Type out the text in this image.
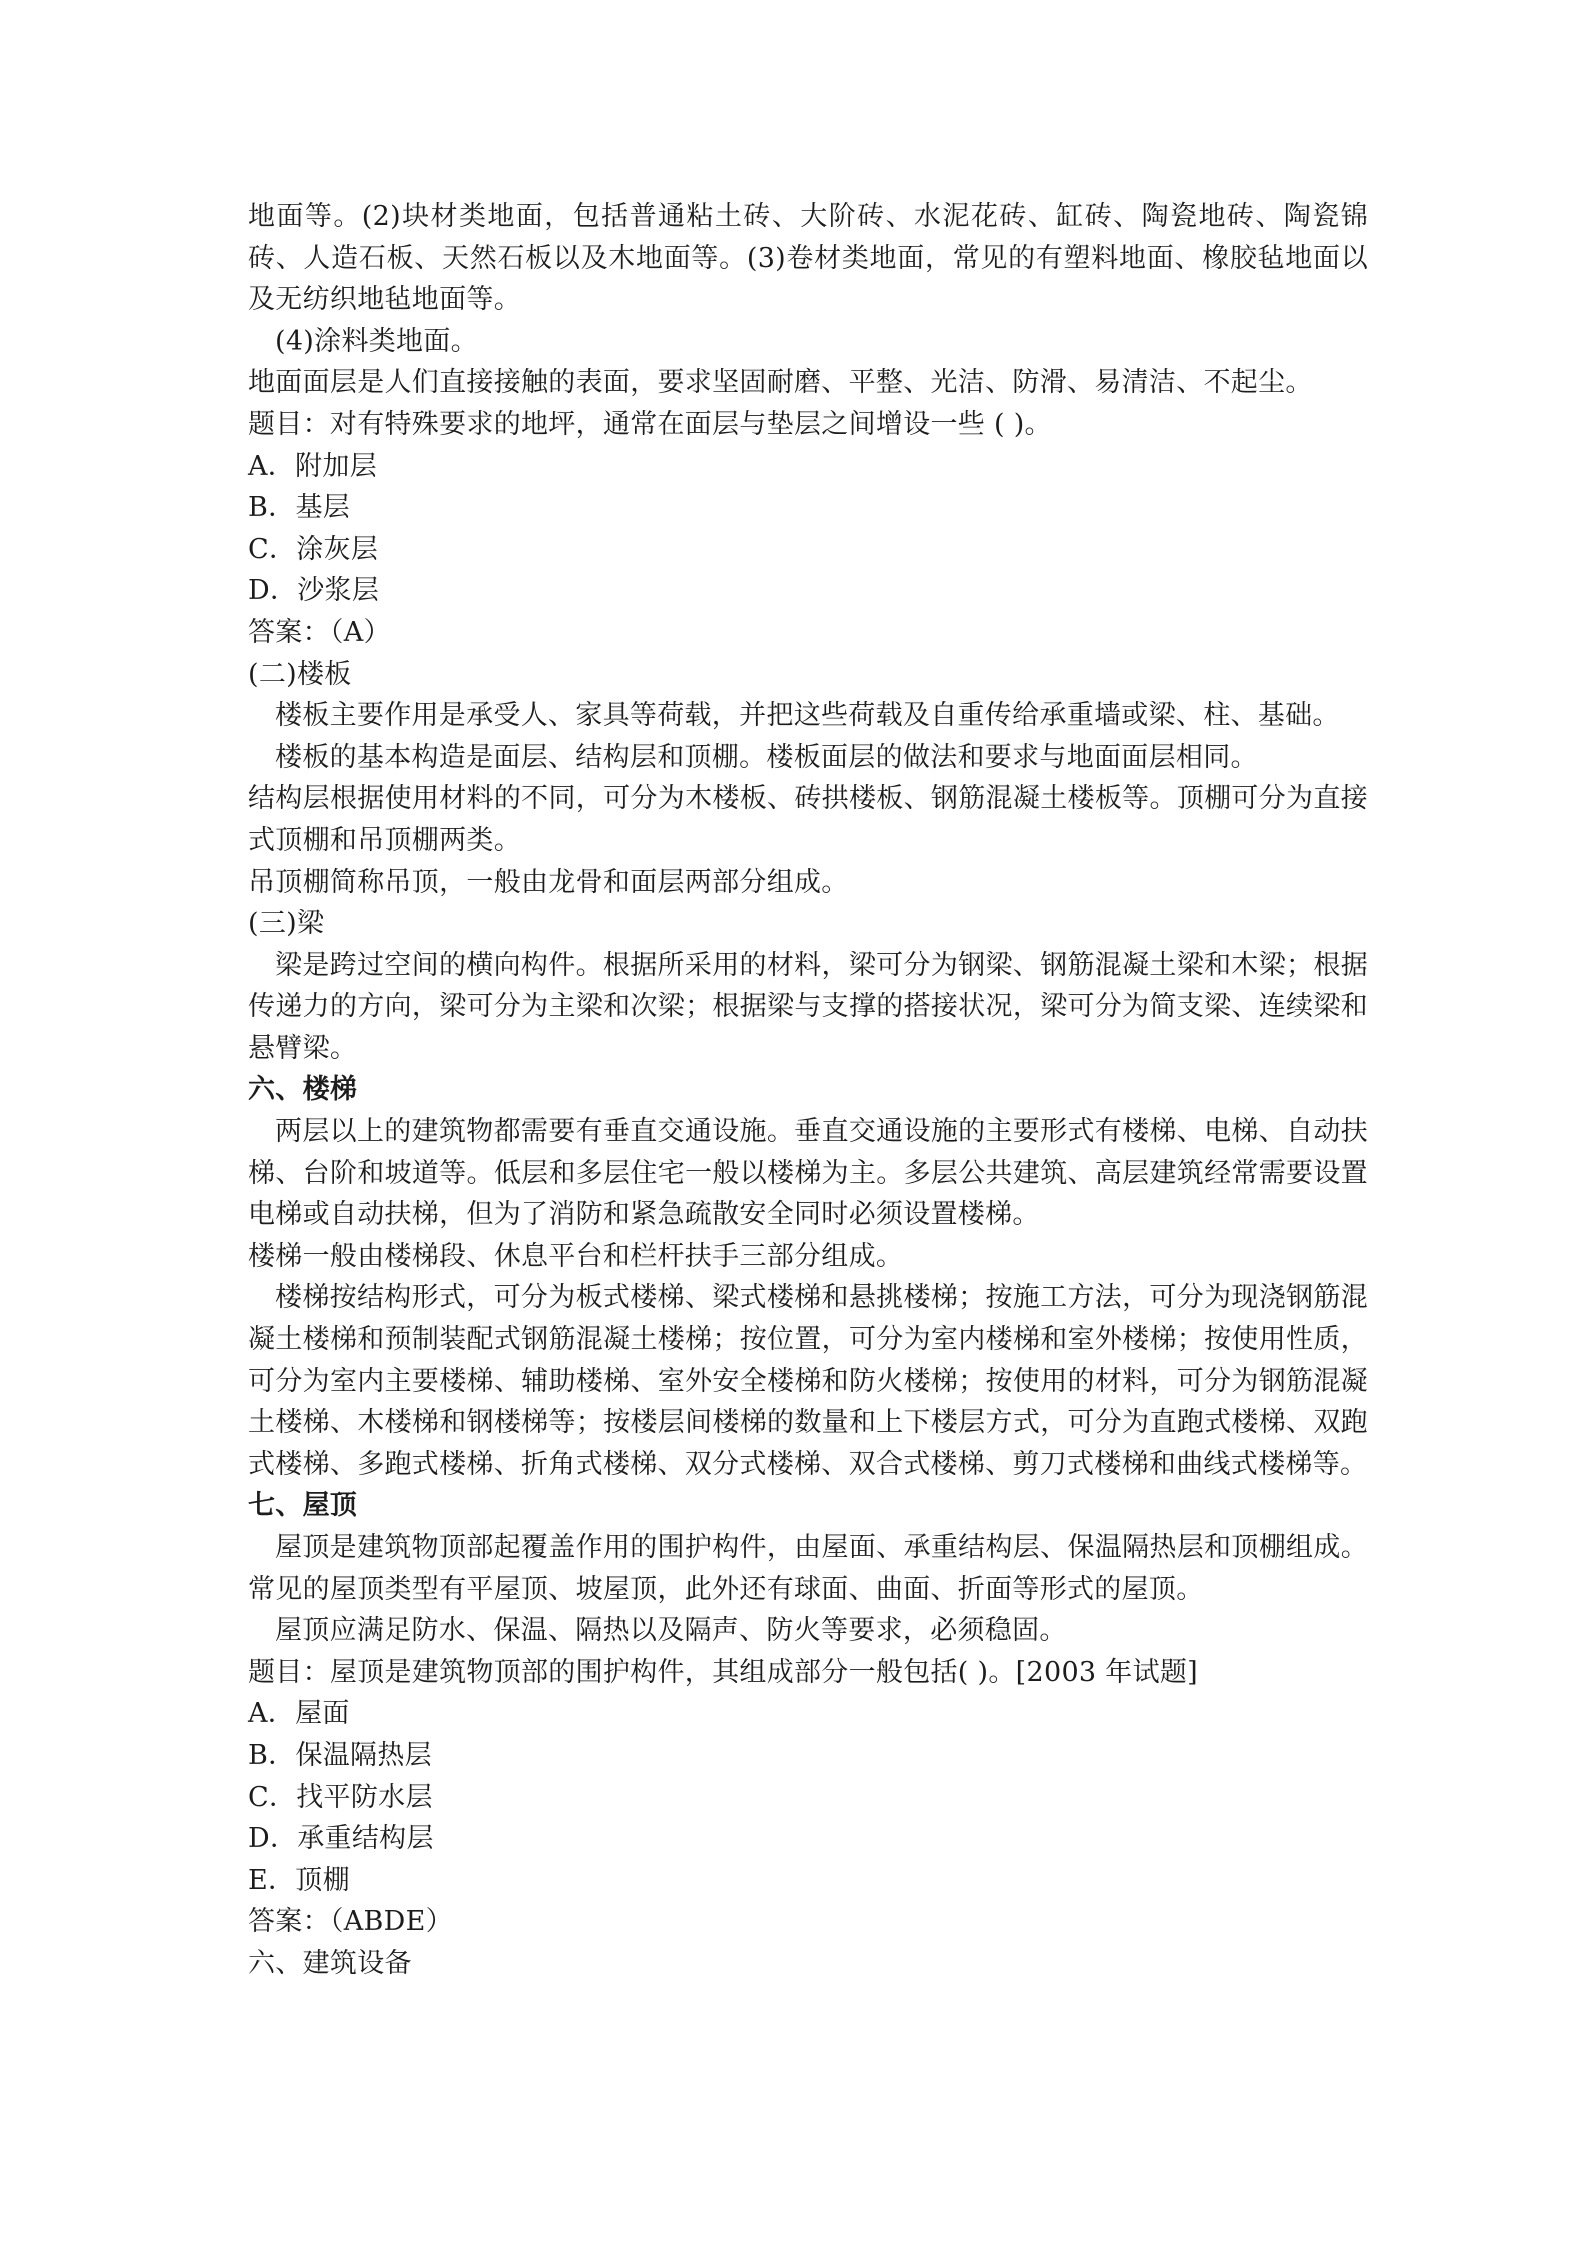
地面等。(2)块材类地面，包括普通粘土砖、大阶砖、水泥花砖、缸砖、陶瓷地砖、陶瓷锦砖、人造石板、天然石板以及木地面等。(3)卷材类地面，常见的有塑料地面、橡胶毡地面以及无纺织地毡地面等。

(4)涂料类地面。

地面面层是人们直接接触的表面，要求坚固耐磨、平整、光洁、防滑、易清洁、不起尘。

题目：对有特殊要求的地坪，通常在面层与垫层之间增设一些 ( )。

A．附加层

B．基层

C．涂灰层

D．沙浆层

答案：（A）

(二)楼板

楼板主要作用是承受人、家具等荷载，并把这些荷载及自重传给承重墙或梁、柱、基础。

楼板的基本构造是面层、结构层和顶棚。楼板面层的做法和要求与地面面层相同。

结构层根据使用材料的不同，可分为木楼板、砖拱楼板、钢筋混凝土楼板等。顶棚可分为直接式顶棚和吊顶棚两类。

吊顶棚简称吊顶，一般由龙骨和面层两部分组成。

(三)梁

梁是跨过空间的横向构件。根据所采用的材料，梁可分为钢梁、钢筋混凝土梁和木梁；根据传递力的方向，梁可分为主梁和次梁；根据梁与支撑的搭接状况，梁可分为简支梁、连续梁和悬臂梁。

六、楼梯

两层以上的建筑物都需要有垂直交通设施。垂直交通设施的主要形式有楼梯、电梯、自动扶梯、台阶和坡道等。低层和多层住宅一般以楼梯为主。多层公共建筑、高层建筑经常需要设置电梯或自动扶梯，但为了消防和紧急疏散安全同时必须设置楼梯。

楼梯一般由楼梯段、休息平台和栏杆扶手三部分组成。

楼梯按结构形式，可分为板式楼梯、梁式楼梯和悬挑楼梯；按施工方法，可分为现浇钢筋混凝土楼梯和预制装配式钢筋混凝土楼梯；按位置，可分为室内楼梯和室外楼梯；按使用性质，可分为室内主要楼梯、辅助楼梯、室外安全楼梯和防火楼梯；按使用的材料，可分为钢筋混凝土楼梯、木楼梯和钢楼梯等；按楼层间楼梯的数量和上下楼层方式，可分为直跑式楼梯、双跑式楼梯、多跑式楼梯、折角式楼梯、双分式楼梯、双合式楼梯、剪刀式楼梯和曲线式楼梯等。

七、屋顶

屋顶是建筑物顶部起覆盖作用的围护构件，由屋面、承重结构层、保温隔热层和顶棚组成。常见的屋顶类型有平屋顶、坡屋顶，此外还有球面、曲面、折面等形式的屋顶。

屋顶应满足防水、保温、隔热以及隔声、防火等要求，必须稳固。

题目：屋顶是建筑物顶部的围护构件，其组成部分一般包括( )。[2003 年试题]

A．屋面

B．保温隔热层

C．找平防水层

D．承重结构层

E．顶棚

答案：（ABDE）

六、建筑设备
